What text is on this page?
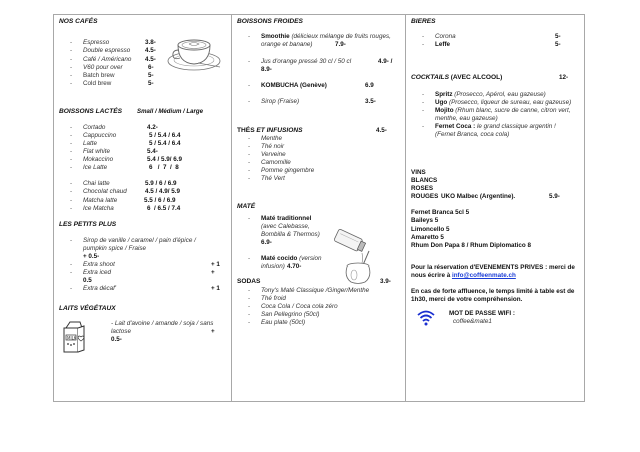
NOS CAFÉS
-	Espresso	3.8-
-	Double espresso	4.5-
-	Café / Américano	4.5-
-	V60 pour over	6-
-	Batch brew	5-
-	Cold brew	5-
BOISSONS LACTÉS	Small / Médium / Large
-	Cortado	4.2-
-	Cappuccino	5 / 5.4 / 6.4
-	Latte	5 / 5.4 / 6.4
-	Flat white	5.4-
-	Mokaccino	5.4 / 5.9/ 6.9
-	Ice Latte	6   /  7  /  8
-	Chai latte	5.9 / 6 / 6.9
-	Chocolat chaud	4.5 / 4.9/ 5.9
-	Matcha latte	5.5 / 6 / 6.9
-	Ice Matcha	6  / 6.5 / 7.4
LES PETITS PLUS
-	Sirop de vanille / caramel / pain d'épice /
pumpkin spice / Fraise
+ 0.5-
-	Extra shoot	+ 1
-	Extra iced	+
0.5
-	Extra décaf'	+ 1
LAITS VÉGÉTAUX
MILK
- Lait d'avoine / amande / soja / sans
lactose	+
0.5-
BOISSONS FROIDES
-	Smoothie (délicieux mélange de fruits rouges,
orange et banane)	7.9-
-	Jus d'orange pressé 30 cl / 50 cl	4.9- /
8.9-
-	KOMBUCHA (Genève)	6.9
-	Sirop (Fraise)	3.5-
THÉS ET INFUSIONS	4.5-
-	Menthe
-	Thé noir
-	Verveine
-	Camomille
-	Pomme gingembre
-	Thé Vert
MATÉ
-	Maté traditionnel
(avec Calebasse,
Bombilla & Thermos)
6.9-
-	Maté cocido (version
infusion) 4.70-
SODAS	3.9-
-	Tony's Maté Classique /Ginger/Menthe
-	Thé froid
-	Coca Cola / Coca cola zéro
-	San Pellegrino (50cl)
-	Eau plate (50cl)
BIERES
-	Corona	5-
-	Leffe	5-
COCKTAILS (AVEC ALCOOL)	12-
-	Spritz (Prosecco, Apérol, eau gazeuse)
-	Ugo (Prosecco, liqueur de sureau, eau gazeuse)
-	Mojito (Rhum blanc, sucre de canne, citron vert, menthe, eau gazeuse)
-	Fernet Coca : le grand classique argentin ! (Fernet Branca, coca cola)
VINS
BLANCS
ROSES
ROUGES UKO Malbec (Argentine).	5.9-
Fernet Branca 5cl 5
Baileys 5
Limoncello 5
Amaretto 5
Rhum Don Papa 8 / Rhum Diplomatico 8
Pour la réservation d'EVENEMENTS PRIVES : merci de nous écrire à info@coffeenmate.ch
En cas de forte affluence, le temps limité à table est de 1h30, merci de votre compréhension.
MOT DE PASSE WIFI :
coffee&mate1
